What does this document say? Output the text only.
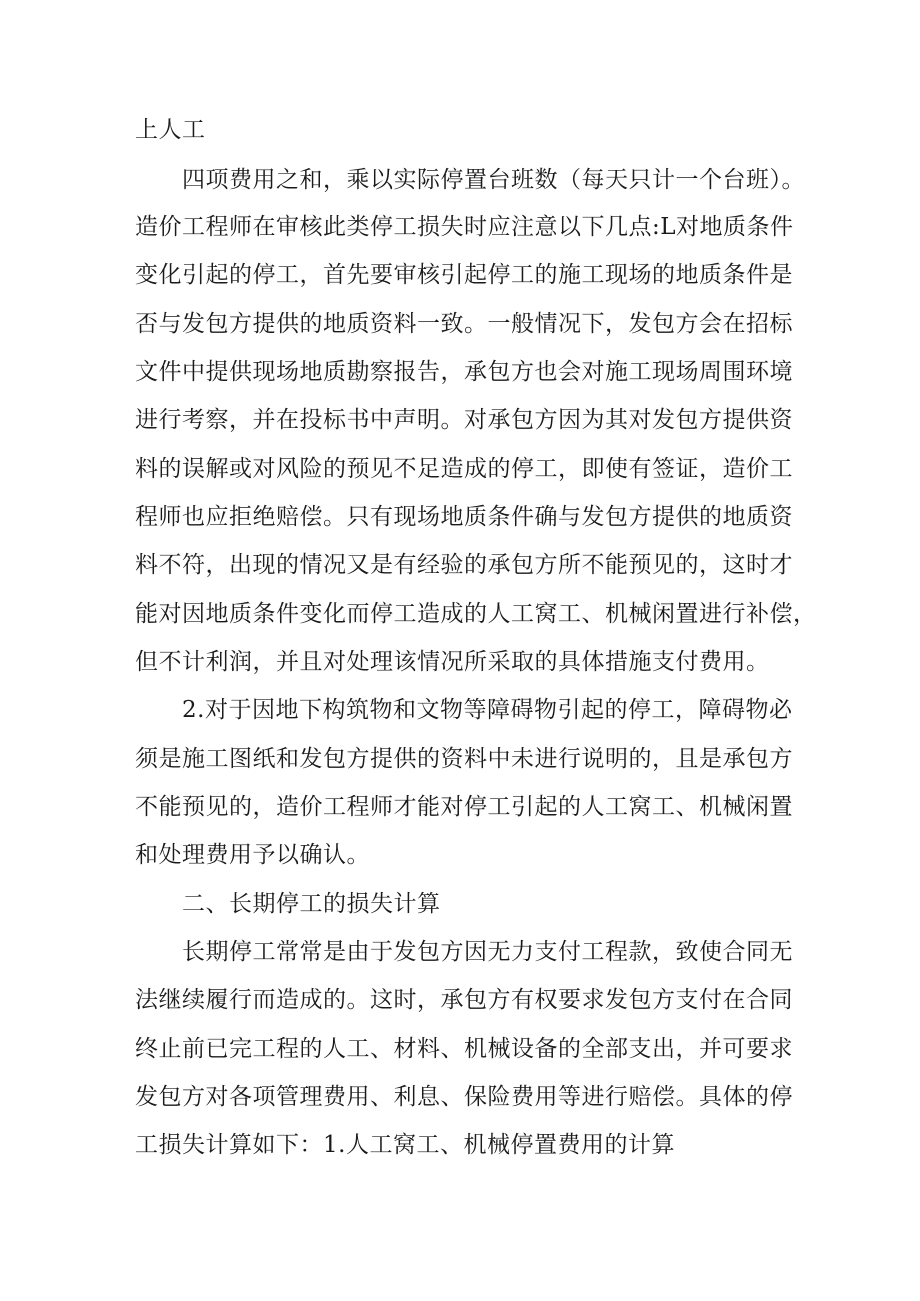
上人工
四项费用之和，乘以实际停置台班数（每天只计一个台班）。
造价工程师在审核此类停工损失时应注意以下几点:L对地质条件
变化引起的停工，首先要审核引起停工的施工现场的地质条件是
否与发包方提供的地质资料一致。一般情况下，发包方会在招标
文件中提供现场地质勘察报告，承包方也会对施工现场周围环境
进行考察，并在投标书中声明。对承包方因为其对发包方提供资
料的误解或对风险的预见不足造成的停工，即使有签证，造价工
程师也应拒绝赔偿。只有现场地质条件确与发包方提供的地质资
料不符，出现的情况又是有经验的承包方所不能预见的，这时才
能对因地质条件变化而停工造成的人工窝工、机械闲置进行补偿，
但不计利润，并且对处理该情况所采取的具体措施支付费用。
2.对于因地下构筑物和文物等障碍物引起的停工，障碍物必
须是施工图纸和发包方提供的资料中未进行说明的，且是承包方
不能预见的，造价工程师才能对停工引起的人工窝工、机械闲置
和处理费用予以确认。
二、长期停工的损失计算
长期停工常常是由于发包方因无力支付工程款，致使合同无
法继续履行而造成的。这时，承包方有权要求发包方支付在合同
终止前已完工程的人工、材料、机械设备的全部支出，并可要求
发包方对各项管理费用、利息、保险费用等进行赔偿。具体的停
工损失计算如下：1.人工窝工、机械停置费用的计算
